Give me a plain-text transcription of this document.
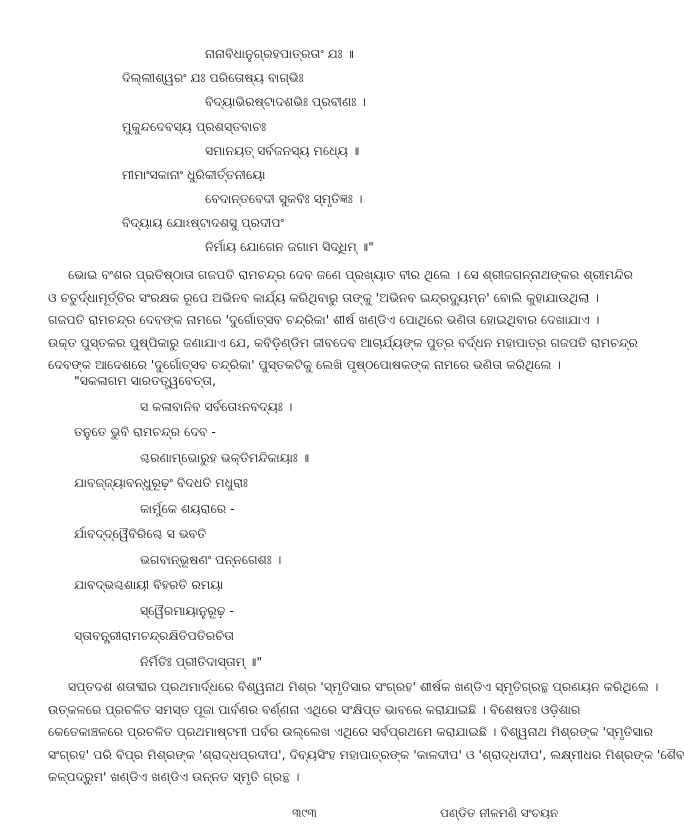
ନାନାବିଧାନୁଗ୍ରହପାତ୍ରତାଂ ଯଃ ॥
ଦିଲ୍ଲୀଶ୍ୱରଂ ଯଃ ପରିତୋଷ୍ୟ ବାଗ୍‌ଭିଃ
ବିଦ୍ୟାଭିରଷ୍ଟାଦଶଭିଃ ପ୍ରବୀଣଃ ।
ମୁକୁନ୍ଦଦେବସ୍ୟ ପ୍ରଶସ୍ତବାଚଃ
ସମାନୟତ୍ ସର୍ବଜନସ୍ୟ ମଧ୍ୟେ ॥
ମୀମାଂସକାନାଂ ଧୁରିକୀର୍ତ୍ତନୀୟୋ
ବେଦାନ୍ତବେଦୀ ସୁକବିଃ ସ୍ମୃତିଜ୍ଞଃ ।
ବିଦ୍ୟାୟ ଯୋଽଷ୍ଟାଦଶସୁ ପ୍ରଦୀପଂ
ନିର୍ମାୟ ଯୋଗେନ ଜଗାମ ସିଦ୍ଧିମ୍ ॥"
ଭୋଇ ବଂଶର ପ୍ରତିଷ୍ଠାତା ଗଜପତି ରାମଚନ୍ଦ୍ର ଦେବ ଜଣେ ପ୍ରଖ୍ୟାତ ବୀର ଥିଲେ । ସେ ଶ୍ରୀଜଗନ୍ନାଥଙ୍କର ଶ୍ରୀମନ୍ଦିର
ଓ ଚତୁର୍ଦ୍ଧାମୂର୍ତ୍ତିର ସଂରକ୍ଷକ ରୂପେ ଅଭିନବ କାର୍ଯ୍ୟ କରିଥିବାରୁ ତାଙ୍କୁ 'ଅଭିନବ ଇନ୍ଦ୍ରଦ୍ୟୁମ୍ନ' ବୋଲି କୁହାଯାଉଥିଲା ।
ଗଜପତି ରାମଚନ୍ଦ୍ର ଦେବଙ୍କ ନାମରେ 'ଦୁର୍ଗୋତ୍ସବ ଚନ୍ଦ୍ରିକା' ଶୀର୍ଷ ଖଣ୍ଡିଏ ପୋଥିରେ ଭଣିତା ହୋଇଥିବାର ଦେଖାଯାଏ ।
ଉକ୍ତ ପୁସ୍ତକର ପୁଷ୍ପିକାରୁ ଜଣାଯାଏ ଯେ, କବିଡ଼ିଣ୍ଡିମ ଜୀବଦେବ ଆଚାର୍ଯ୍ୟଙ୍କ ପୁତ୍ର ବର୍ଦ୍ଧନ ମହାପାତ୍ର ଗଜପତି ରାମଚନ୍ଦ୍ର
ଦେବଙ୍କ ଆଦେଶରେ 'ଦୁର୍ଗୋତ୍ସବ ଚନ୍ଦ୍ରିକା' ପୁସ୍ତକଟିକୁ ଲେଖି ପୃଷ୍ଠପୋଷକଙ୍କ ନାମରେ ଭଣିତା କରିଥିଲେ ।
"ସକଳାଗମ ସାରତତ୍ତ୍ୱବେତ୍ତା,
ସ କଳାବାନିବ ସର୍ବତୋଽନବଦ୍ୟଃ ।
ତନୁତେ ଭୁବି ରାମଚନ୍ଦ୍ର ଦେବ -
ଶ୍ଚରଣାମ୍ଭୋରୁହ ଭକ୍ତିମନ୍ଦିକାୟାଃ ॥
ଯାବଜ୍ଜ୍ୟାବନ୍ଧୁରୂଢ଼ଂ ବିଦଧତି ମଧୁରାଃ
କାର୍ମୁକେ ଶୟରାରେ -
ର୍ଯାବଦ୍‌ଦ୍ୱୈବିରିଶ୍ଚେ ସ ଭବତି
ଭଗବାନ୍‌ଭୂଷଣଂ ପନ୍ନଗେଶଃ ।
ଯାବଦ୍‌ଭଶ୍ଚଶାୟୀ ବିହରତି ରମୟା
ସ୍ୱୈରମାୟାନୁରୂଢ଼ -
ସ୍ତାବନ୍ମ୍ରୀରାମଚନ୍ଦ୍ରକ୍ଷିତିପତିରଚିତା
ନିର୍ମିତିଃ ପ୍ରୀତିଦାସ୍ତାମ୍ ॥"
ସପ୍ତଦଶ ଶତାବ୍ଦୀର ପ୍ରଥମାର୍ଦ୍ଧରେ ବିଶ୍ୱନାଥ ମିଶ୍ର 'ସ୍ମୃତିସାର ସଂଗ୍ରହ' ଶୀର୍ଷକ ଖଣ୍ଡିଏ ସ୍ମୃତିଗ୍ରନ୍ଥ ପ୍ରଣୟନ କରିଥିଲେ ।
ଉତ୍କଳରେ ପ୍ରଚଳିତ ସମସ୍ତ ପୂଜା ପାର୍ବଣର ବର୍ଣ୍ଣନା ଏଥିରେ ସଂକ୍ଷିପ୍ତ ଭାବରେ କରାଯାଇଛି । ବିଶେଷତଃ ଓଡ଼ିଶାର
କେତେକାଞ୍ଚଳରେ ପ୍ରଚଳିତ ପ୍ରଥମାଷ୍ଟମୀ ପର୍ବର ଉଲ୍ଲେଖ ଏଥିରେ ସର୍ବପ୍ରଥମେ କରାଯାଇଛି । ବିଶ୍ୱନାଥ ମିଶ୍ରଙ୍କ 'ସ୍ମୃତିସାର
ସଂଗ୍ରହ' ପରି ବିପ୍ର ମିଶ୍ରଙ୍କ 'ଶ୍ରାଦ୍ଧପ୍ରଦୀପ', ଦିବ୍ୟସିଂହ ମହାପାତ୍ରଙ୍କ 'କାଳଦୀପ' ଓ 'ଶ୍ରାଦ୍ଧଦୀପ', ଲକ୍ଷ୍ମୀଧର ମିଶ୍ରଙ୍କ 'ଶୈବ
କଳ୍ପଦ୍ରୁମ' ଖଣ୍ଡିଏ ଖଣ୍ଡିଏ ଉନ୍ନତ ସ୍ମୃତି ଗ୍ରନ୍ଥ ।
୩୯୩	ପଣ୍ଡିତ ନୀଳମଣି ସଂଚୟନ
